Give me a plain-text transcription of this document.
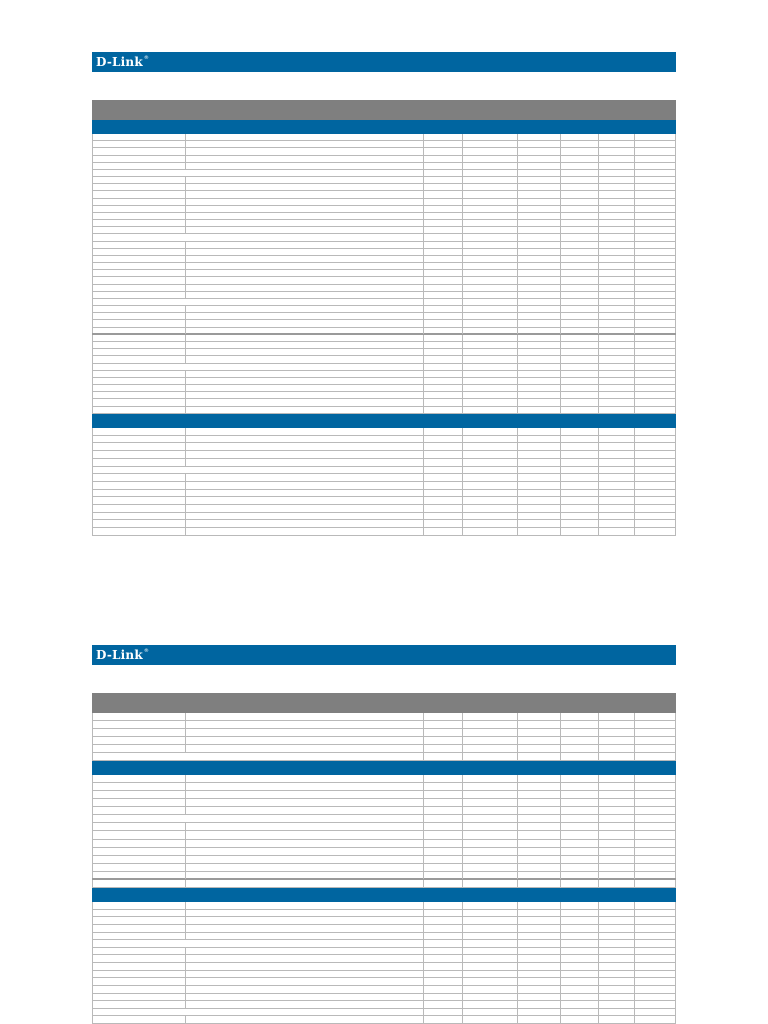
D-Link®
D-Link®
